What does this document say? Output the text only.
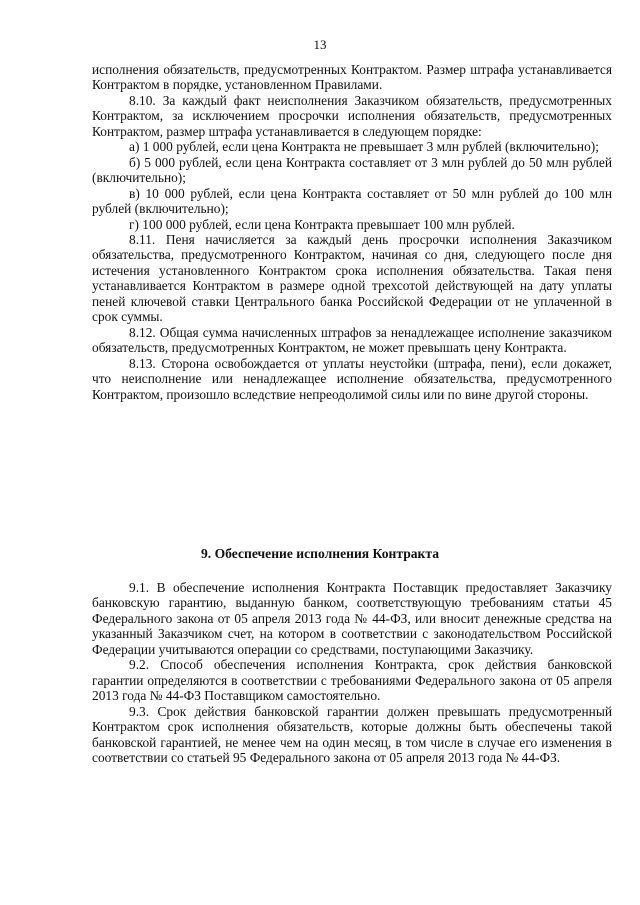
13

исполнения обязательств, предусмотренных Контрактом. Размер штрафа устанавливается Контрактом в порядке, установленном Правилами.

8.10. За каждый факт неисполнения Заказчиком обязательств, предусмотренных Контрактом, за исключением просрочки исполнения обязательств, предусмотренных Контрактом, размер штрафа устанавливается в следующем порядке:

а) 1 000 рублей, если цена Контракта не превышает 3 млн рублей (включительно);

б) 5 000 рублей, если цена Контракта составляет от 3 млн рублей до 50 млн рублей (включительно);

в) 10 000 рублей, если цена Контракта составляет от 50 млн рублей до 100 млн рублей (включительно);

г) 100 000 рублей, если цена Контракта превышает 100 млн рублей.

8.11. Пеня начисляется за каждый день просрочки исполнения Заказчиком обязательства, предусмотренного Контрактом, начиная со дня, следующего после дня истечения установленного Контрактом срока исполнения обязательства. Такая пеня устанавливается Контрактом в размере одной трехсотой действующей на дату уплаты пеней ключевой ставки Центрального банка Российской Федерации от не уплаченной в срок суммы.

8.12. Общая сумма начисленных штрафов за ненадлежащее исполнение заказчиком обязательств, предусмотренных Контрактом, не может превышать цену Контракта.

8.13. Сторона освобождается от уплаты неустойки (штрафа, пени), если докажет, что неисполнение или ненадлежащее исполнение обязательства, предусмотренного Контрактом, произошло вследствие непреодолимой силы или по вине другой стороны.

9. Обеспечение исполнения Контракта

9.1. В обеспечение исполнения Контракта Поставщик предоставляет Заказчику банковскую гарантию, выданную банком, соответствующую требованиям статьи 45 Федерального закона от 05 апреля 2013 года № 44-ФЗ, или вносит денежные средства на указанный Заказчиком счет, на котором в соответствии с законодательством Российской Федерации учитываются операции со средствами, поступающими Заказчику.

9.2. Способ обеспечения исполнения Контракта, срок действия банковской гарантии определяются в соответствии с требованиями Федерального закона от 05 апреля 2013 года № 44-ФЗ Поставщиком самостоятельно.

9.3. Срок действия банковской гарантии должен превышать предусмотренный Контрактом срок исполнения обязательств, которые должны быть обеспечены такой банковской гарантией, не менее чем на один месяц, в том числе в случае его изменения в соответствии со статьей 95 Федерального закона от 05 апреля 2013 года № 44-ФЗ.
